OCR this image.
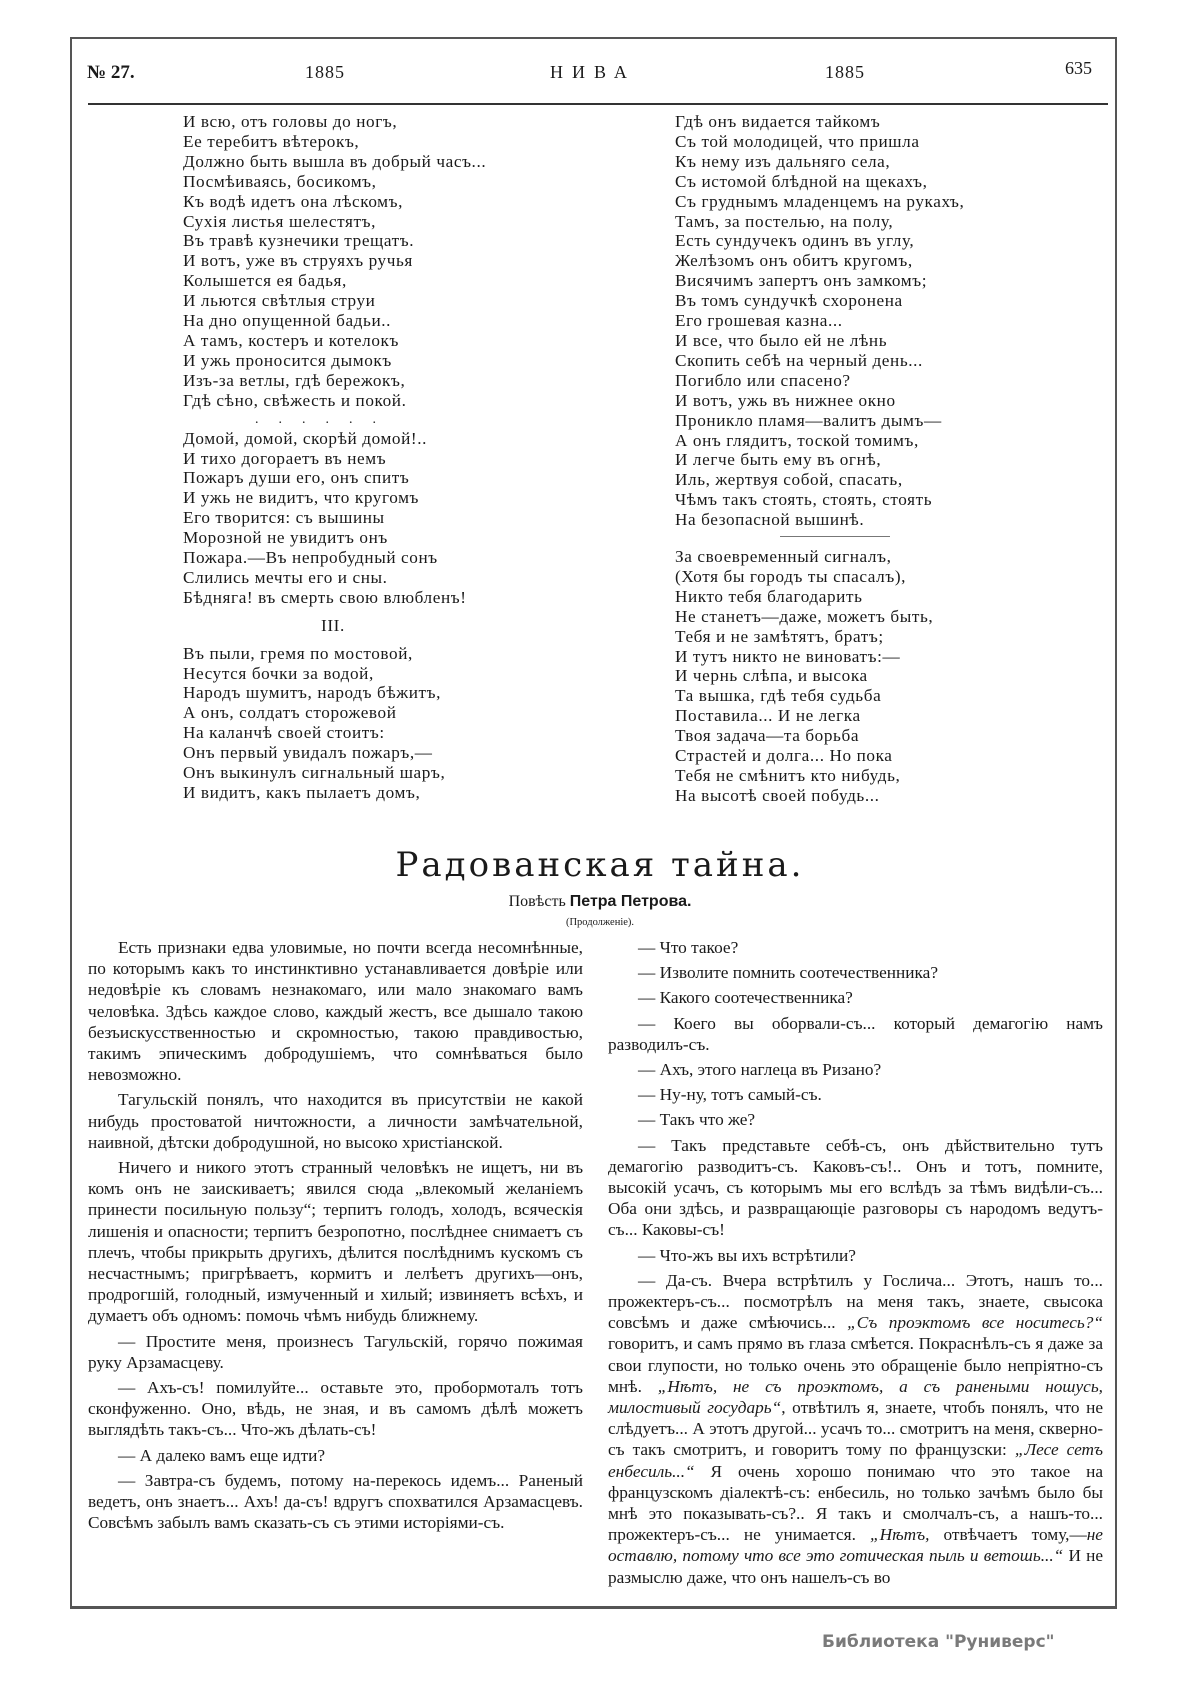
№ 27.	1885	НИВА	1885	635
И всю, отъ головы до ногъ,
Ее теребитъ вѣтерокъ,
Должно быть вышла въ добрый часъ...
Посмѣиваясь, босикомъ,
Къ водѣ идетъ она лѣскомъ,
Сухія листья шелестятъ,
Въ травѣ кузнечики трещатъ.
И вотъ, уже въ струяхъ ручья
Колышется ея бадья,
И льются свѣтлыя струи
На дно опущенной бадьи..
А тамъ, костеръ и котелокъ
И ужь проносится дымокъ
Изъ-за ветлы, гдѣ бережокъ,
Гдѣ сѣно, свѣжесть и покой.
......
Домой, домой, скорѣй домой!..
И тихо догораетъ въ немъ
Пожаръ души его, онъ спитъ
И ужь не видитъ, что кругомъ
Его творится: съ вышины
Морозной не увидитъ онъ
Пожара.—Въ непробудный сонъ
Слились мечты его и сны.
Бѣдняга! въ смерть свою влюбленъ!
III.
Въ пыли, гремя по мостовой,
Несутся бочки за водой,
Народъ шумитъ, народъ бѣжитъ,
А онъ, солдатъ сторожевой
На каланчѣ своей стоитъ:
Онъ первый увидалъ пожаръ,—
Онъ выкинулъ сигнальный шаръ,
И видитъ, какъ пылаетъ домъ,
Гдѣ онъ видается тайкомъ
Съ той молодицей, что пришла
Къ нему изъ дальняго села,
Съ истомой блѣдной на щекахъ,
Съ груднымъ младенцемъ на рукахъ,
Тамъ, за постелью, на полу,
Есть сундучекъ одинъ въ углу,
Желѣзомъ онъ обитъ кругомъ,
Висячимъ запертъ онъ замкомъ;
Въ томъ сундучкѣ схоронена
Его грошевая казна...
И все, что было ей не лѣнь
Скопить себѣ на черный день...
Погибло или спасено?
И вотъ, ужь въ нижнее окно
Проникло пламя—валитъ дымъ—
А онъ глядитъ, тоской томимъ,
И легче быть ему въ огнѣ,
Иль, жертвуя собой, спасать,
Чѣмъ такъ стоять, стоять, стоять
На безопасной вышинѣ.
За своевременный сигналъ,
(Хотя бы городъ ты спасалъ),
Никто тебя благодарить
Не станетъ—даже, можетъ быть,
Тебя и не замѣтятъ, братъ;
И тутъ никто не виноватъ:—
И чернь слѣпа, и высока
Та вышка, гдѣ тебя судьба
Поставила... И не легка
Твоя задача—та борьба
Страстей и долга... Но пока
Тебя не смѣнитъ кто нибудь,
На высотѣ своей побудь...
Радованская тайна.
Повѣсть Петра Петрова.
(Продолженіе).
Есть признаки едва уловимые, но почти всегда несомнѣнные, по которымъ какъ то инстинктивно устанавливается довѣріе или недовѣріе къ словамъ незнакомаго, или мало знакомаго вамъ человѣка. Здѣсь каждое слово, каждый жестъ, все дышало такою безъискусственностью и скромностью, такою правдивостью, такимъ эпическимъ добродушіемъ, что сомнѣваться было невозможно.
Тагульскій понялъ, что находится въ присутствіи не какой нибудь простоватой ничтожности, а личности замѣчательной, наивной, дѣтски добродушной, но высоко христіанской.
Ничего и никого этотъ странный человѣкъ не ищетъ, ни въ комъ онъ не заискиваетъ; явился сюда „влекомый желаніемъ принести посильную пользу“; терпитъ голодъ, холодъ, всяческія лишенія и опасности; терпитъ безропотно, послѣднее снимаетъ съ плечъ, чтобы прикрыть другихъ, дѣлится послѣднимъ кускомъ съ несчастнымъ; пригрѣваетъ, кормитъ и лелѣетъ другихъ—онъ, продрогшій, голодный, измученный и хилый; извиняетъ всѣхъ, и думаетъ объ одномъ: помочь чѣмъ нибудь ближнему.
— Простите меня, произнесъ Тагульскій, горячо пожимая руку Арзамасцеву.
— Ахъ-съ! помилуйте... оставьте это, пробормоталъ тотъ сконфуженно. Оно, вѣдь, не зная, и въ самомъ дѣлѣ можетъ выглядѣть такъ-съ... Что-жъ дѣлать-съ!
— А далеко вамъ еще идти?
— Завтра-съ будемъ, потому на-перекось идемъ... Раненый ведетъ, онъ знаетъ... Ахъ! да-съ! вдругъ спохватился Арзамасцевъ. Совсѣмъ забылъ вамъ сказать-съ съ этими исторіями-съ.
— Что такое?
— Изволите помнить соотечественника?
— Какого соотечественника?
— Коего вы оборвали-съ... который демагогію намъ разводилъ-съ.
— Ахъ, этого наглеца въ Ризано?
— Ну-ну, тотъ самый-съ.
— Такъ что же?
— Такъ представьте себѣ-съ, онъ дѣйствительно тутъ демагогію разводитъ-съ. Каковъ-съ!.. Онъ и тотъ, помните, высокій усачъ, съ которымъ мы его вслѣдъ за тѣмъ видѣли-съ... Оба они здѣсь, и развращающіе разговоры съ народомъ ведутъ-съ... Каковы-съ!
— Что-жъ вы ихъ встрѣтили?
— Да-съ. Вчера встрѣтилъ у Гослича... Этотъ, нашъ то... прожектеръ-съ... посмотрѣлъ на меня такъ, знаете, свысока совсѣмъ и даже смѣючись... „Съ проэктомъ все носитесь?“ говоритъ, и самъ прямо въ глаза смѣется. Покраснѣлъ-съ я даже за свои глупости, но только очень это обращеніе было непріятно-съ мнѣ. „Нѣтъ, не съ проэктомъ, а съ ранеными ношусь, милостивый государь“, отвѣтилъ я, знаете, чтобъ понялъ, что не слѣдуетъ... А этотъ другой... усачъ то... смотритъ на меня, скверно-съ такъ смотритъ, и говоритъ тому по французски: „Лесе сетъ енбесиль...“ Я очень хорошо понимаю что это такое на французскомъ діалектѣ-съ: енбесиль, но только зачѣмъ было бы мнѣ это показывать-съ?.. Я такъ и смолчалъ-съ, а нашъ-то... прожектеръ-съ... не унимается. „Нѣтъ, отвѣчаетъ тому,—не оставлю, потому что все это готическая пыль и ветошь...“ И не размыслю даже, что онъ нашелъ-съ во
Библиотека "Руниверс"
